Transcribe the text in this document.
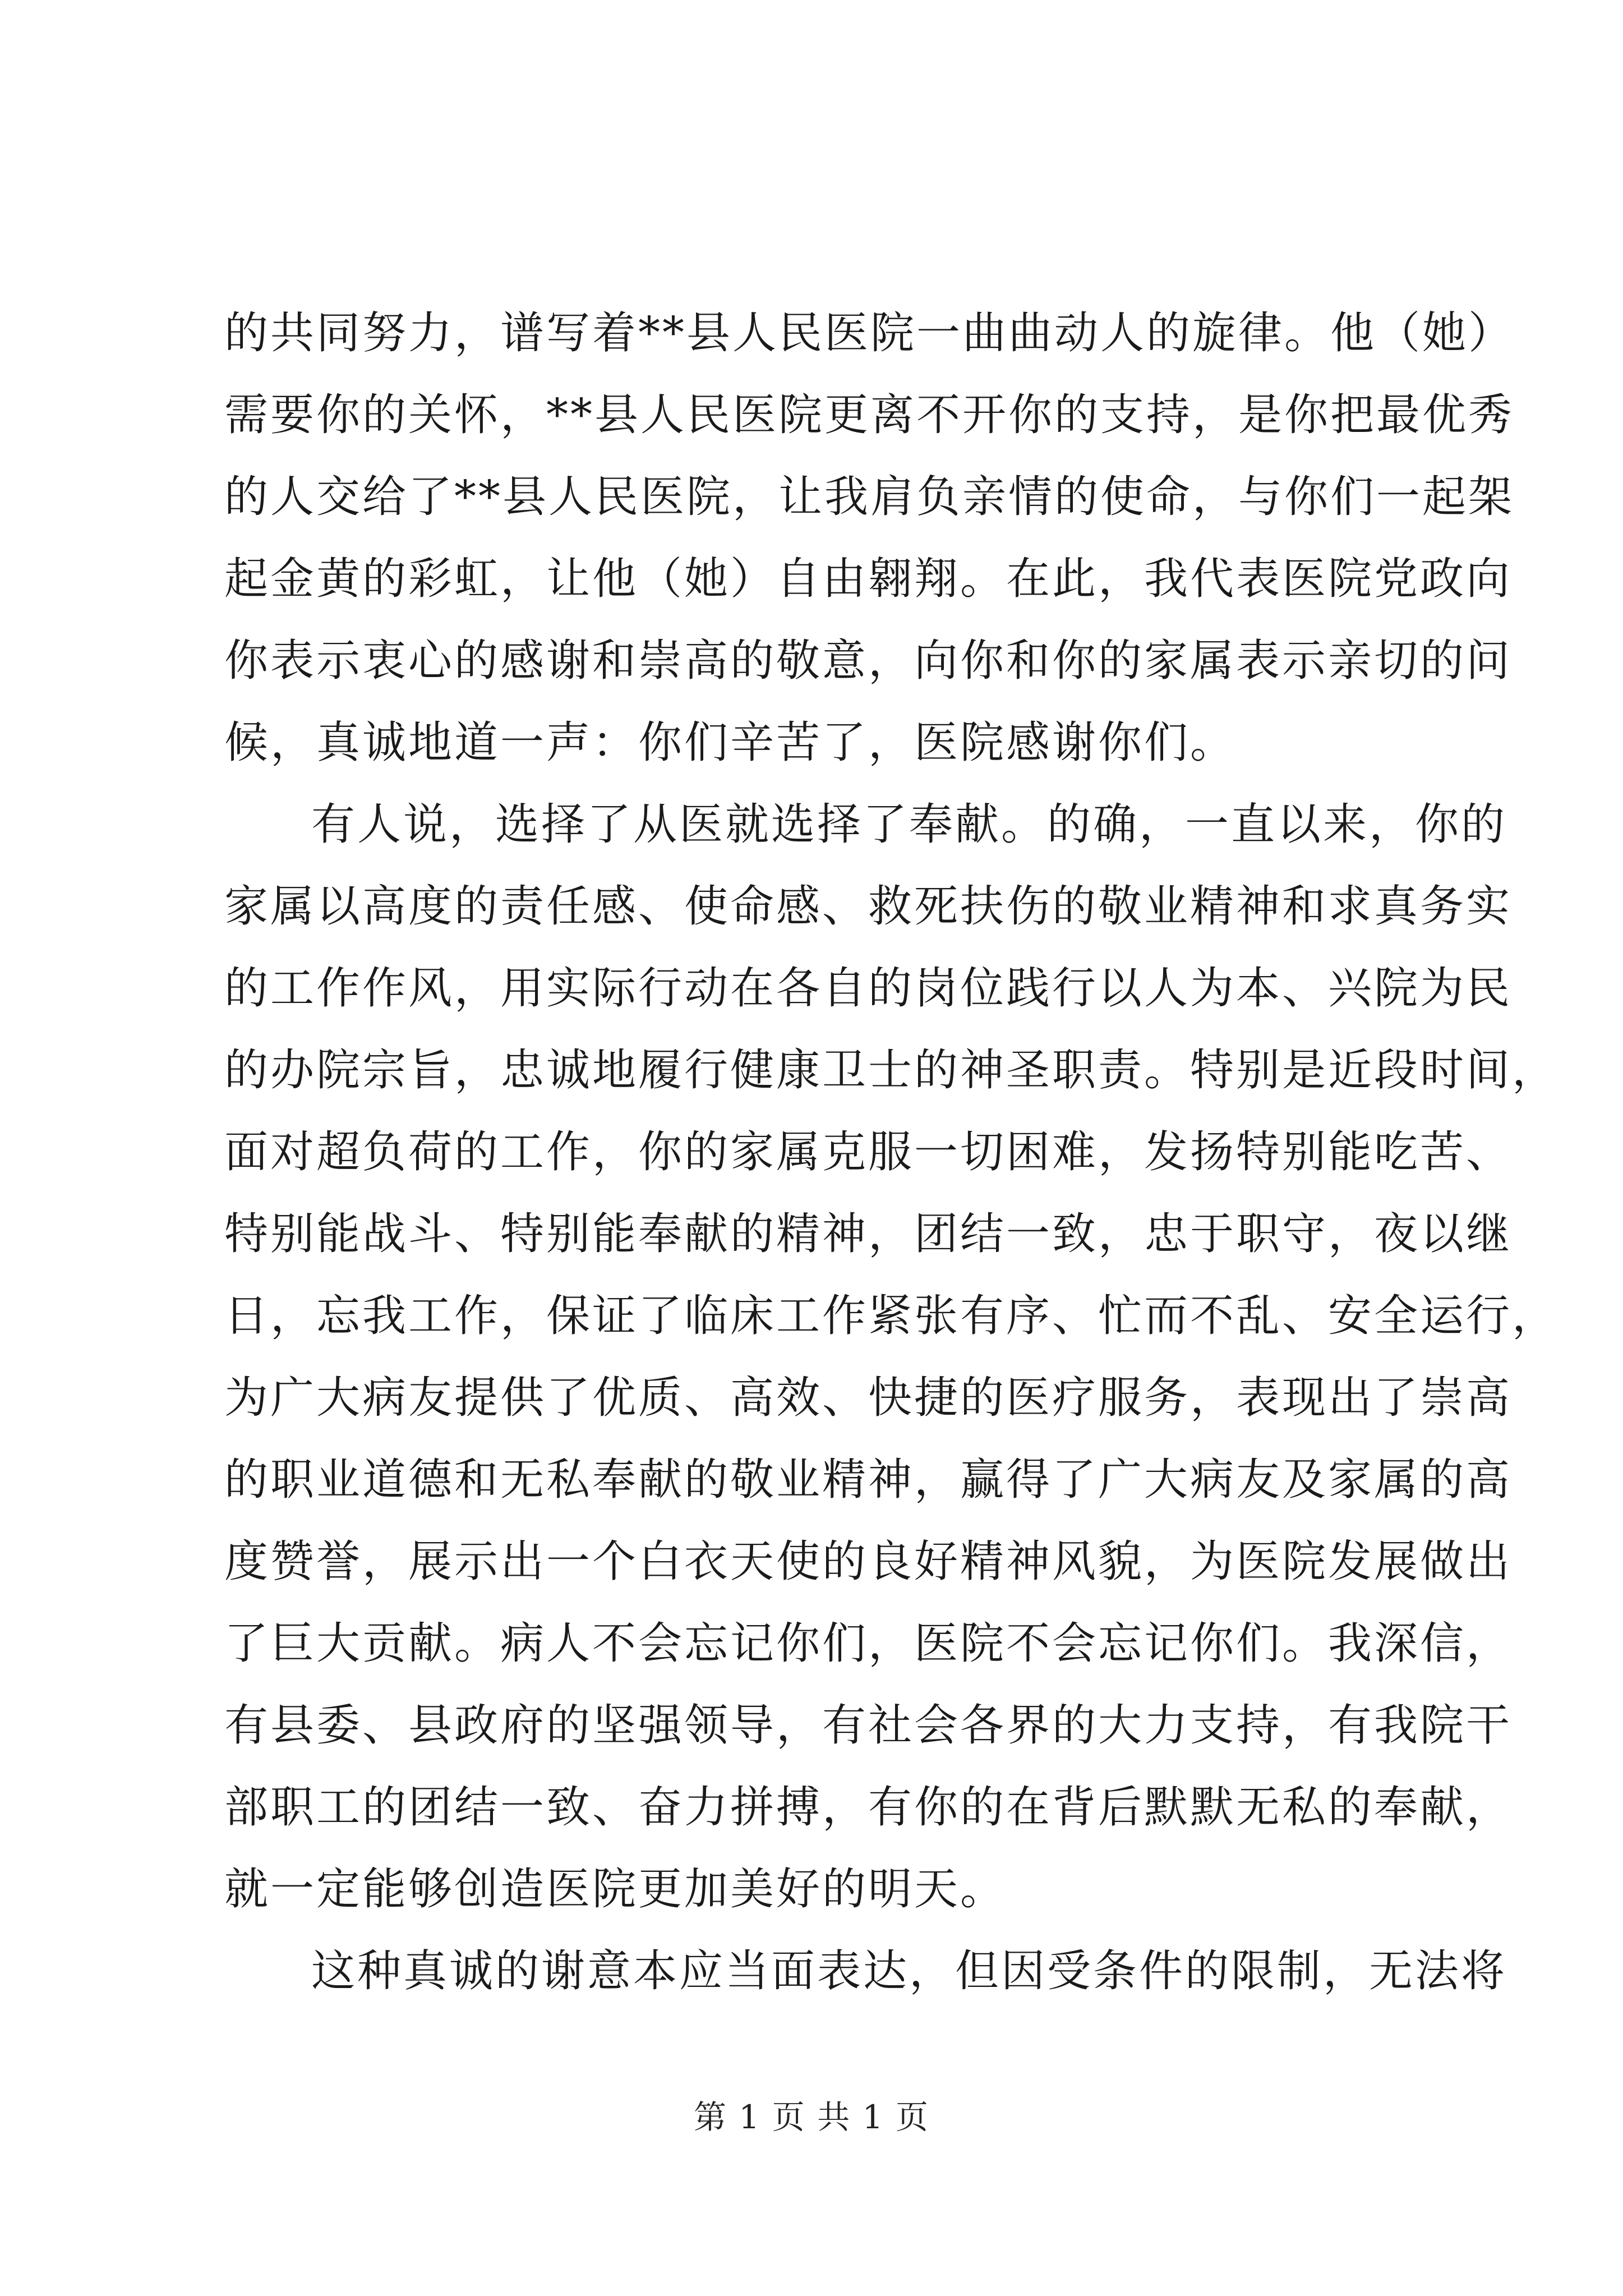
的共同努力，谱写着**县人民医院一曲曲动人的旋律。他（她）
需要你的关怀，**县人民医院更离不开你的支持，是你把最优秀
的人交给了**县人民医院，让我肩负亲情的使命，与你们一起架
起金黄的彩虹，让他（她）自由翱翔。在此，我代表医院党政向
你表示衷心的感谢和崇高的敬意，向你和你的家属表示亲切的问
候，真诚地道一声：你们辛苦了，医院感谢你们。
有人说，选择了从医就选择了奉献。的确，一直以来，你的
家属以高度的责任感、使命感、救死扶伤的敬业精神和求真务实
的工作作风，用实际行动在各自的岗位践行以人为本、兴院为民
的办院宗旨，忠诚地履行健康卫士的神圣职责。特别是近段时间，
面对超负荷的工作，你的家属克服一切困难，发扬特别能吃苦、
特别能战斗、特别能奉献的精神，团结一致，忠于职守，夜以继
日，忘我工作，保证了临床工作紧张有序、忙而不乱、安全运行，
为广大病友提供了优质、高效、快捷的医疗服务，表现出了崇高
的职业道德和无私奉献的敬业精神，赢得了广大病友及家属的高
度赞誉，展示出一个白衣天使的良好精神风貌，为医院发展做出
了巨大贡献。病人不会忘记你们，医院不会忘记你们。我深信，
有县委、县政府的坚强领导，有社会各界的大力支持，有我院干
部职工的团结一致、奋力拼搏，有你的在背后默默无私的奉献，
就一定能够创造医院更加美好的明天。
这种真诚的谢意本应当面表达，但因受条件的限制，无法将
第 1 页 共 1 页
